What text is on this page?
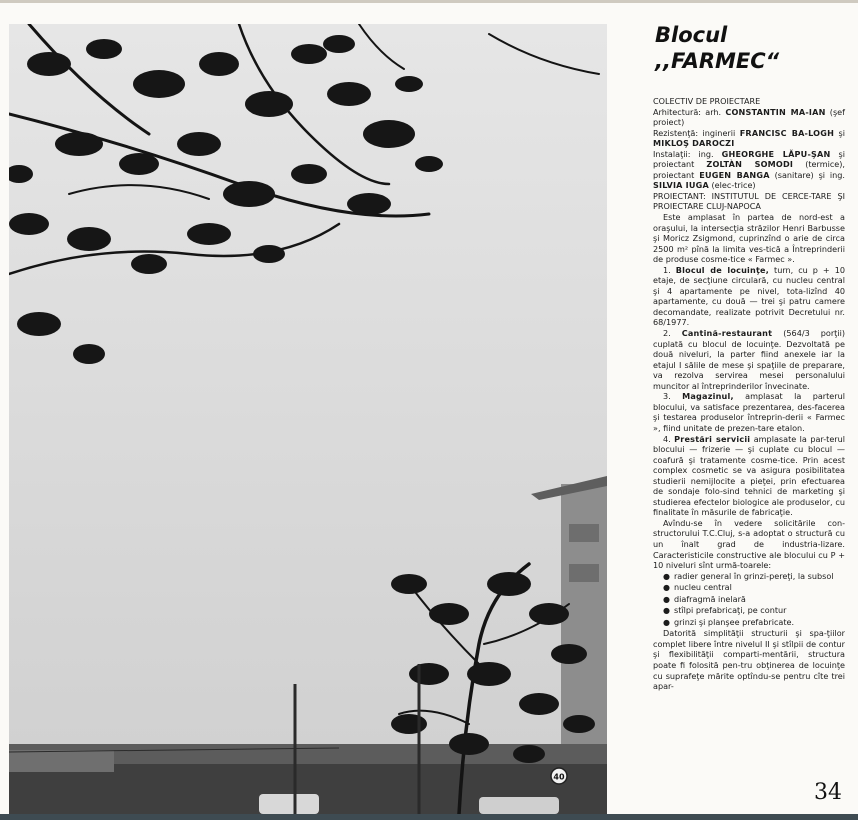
40
Blocul
,,FARMEC“

COLECTIV DE PROIECTARE

Arhitectură: arh. CONSTANTIN MA-IAN (şef proiect)

Rezistenţă: inginerii FRANCISC BA-LOGH şi MIKLOŞ DAROCZI

Instalaţii: ing. GHEORGHE LĂPU-ŞAN şi proiectant ZOLTÀN SOMODI (termice), proiectant EUGEN BANGA (sanitare) şi ing. SILVIA IUGA (elec-trice)

PROIECTANT: INSTITUTUL DE CERCE-TARE ŞI PROIECTARE CLUJ-NAPOCA

Este amplasat în partea de nord-est a oraşului, la intersecţia străzilor Henri Barbusse şi Moricz Zsigmond, cuprinzînd o arie de circa 2500 m² pînă la limita ves-tică a Întreprinderii de produse cosme-tice « Farmec ».

1. Blocul de locuinţe, turn, cu p + 10 etaje, de secţiune circulară, cu nucleu central şi 4 apartamente pe nivel, tota-lizînd 40 apartamente, cu două — trei şi patru camere decomandate, realizate potrivit Decretului nr. 68/1977.

2. Cantină-restaurant (564/3 porţii) cuplată cu blocul de locuinţe. Dezvoltată pe două niveluri, la parter fiind anexele iar la etajul I sălile de mese şi spaţiile de preparare, va rezolva servirea mesei personalului muncitor al întreprinderilor învecinate.

3. Magazinul, amplasat la parterul blocului, va satisface prezentarea, des-facerea şi testarea produselor întreprin-derii « Farmec », fiind unitate de prezen-tare etalon.

4. Prestări servicii amplasate la par-terul blocului — frizerie — şi cuplate cu blocul — coafură şi tratamente cosme-tice. Prin acest complex cosmetic se va asigura posibilitatea studierii nemijlocite a pieţei, prin efectuarea de sondaje folo-sind tehnici de marketing şi studierea efectelor biologice ale produselor, cu finalitate în măsurile de fabricaţie.

Avîndu-se în vedere solicitările con-structorului T.C.Cluj, s-a adoptat o structură cu un înalt grad de industria-lizare. Caracteristicile constructive ale blocului cu P + 10 niveluri sînt urmă-toarele:

● radier general în grinzi-pereţi, la subsol

● nucleu central

● diafragmă inelară

● stîlpi prefabricaţi, pe contur

● grinzi şi planşee prefabricate.

Datorită simplităţii structurii şi spa-ţiilor complet libere între nivelul II şi stîlpii de contur şi flexibilităţii comparti-mentării, structura poate fi folosită pen-tru obţinerea de locuinţe cu suprafeţe mărite optîndu-se pentru cîte trei apar-

34
